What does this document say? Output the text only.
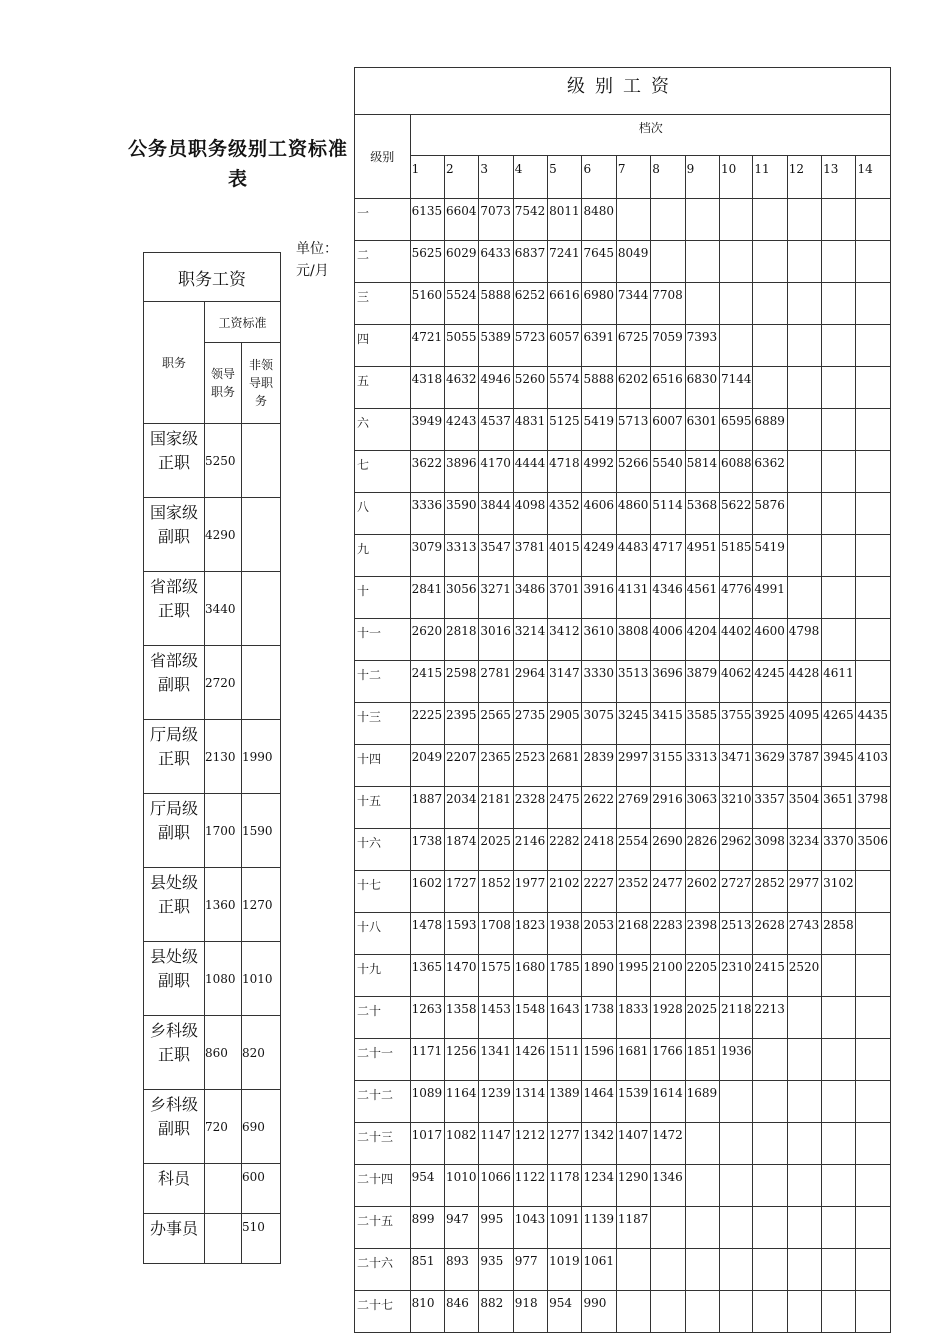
公务员职务级别工资标准表
单位：元/月
职务工资		
职务	工资标准	

	领导职务	非领导职务

国家级正职	5250	
国家级副职	4290	
省部级正职	3440	
省部级副职	2720	
厅局级正职	2130	1990
厅局级副职	1700	1590
县处级正职	1360	1270
县处级副职	1080	1010
乡科级正职	860	820
乡科级副职	720	690
科员		600
办事员		510
级别工资														
级别	档次													
	1	2	3	4	5	6	7	8	9	10	11	12	13	14
一	6135	6604	7073	7542	8011	8480								
二	5625	6029	6433	6837	7241	7645	8049							
三	5160	5524	5888	6252	6616	6980	7344	7708						
四	4721	5055	5389	5723	6057	6391	6725	7059	7393					
五	4318	4632	4946	5260	5574	5888	6202	6516	6830	7144				
六	3949	4243	4537	4831	5125	5419	5713	6007	6301	6595	6889			
七	3622	3896	4170	4444	4718	4992	5266	5540	5814	6088	6362			
八	3336	3590	3844	4098	4352	4606	4860	5114	5368	5622	5876			
九	3079	3313	3547	3781	4015	4249	4483	4717	4951	5185	5419			
十	2841	3056	3271	3486	3701	3916	4131	4346	4561	4776	4991			
十一	2620	2818	3016	3214	3412	3610	3808	4006	4204	4402	4600	4798		
十二	2415	2598	2781	2964	3147	3330	3513	3696	3879	4062	4245	4428	4611	
十三	2225	2395	2565	2735	2905	3075	3245	3415	3585	3755	3925	4095	4265	4435
十四	2049	2207	2365	2523	2681	2839	2997	3155	3313	3471	3629	3787	3945	4103
十五	1887	2034	2181	2328	2475	2622	2769	2916	3063	3210	3357	3504	3651	3798
十六	1738	1874	2025	2146	2282	2418	2554	2690	2826	2962	3098	3234	3370	3506
十七	1602	1727	1852	1977	2102	2227	2352	2477	2602	2727	2852	2977	3102	
十八	1478	1593	1708	1823	1938	2053	2168	2283	2398	2513	2628	2743	2858	
十九	1365	1470	1575	1680	1785	1890	1995	2100	2205	2310	2415	2520		
二十	1263	1358	1453	1548	1643	1738	1833	1928	2025	2118	2213			
二十一	1171	1256	1341	1426	1511	1596	1681	1766	1851	1936				
二十二	1089	1164	1239	1314	1389	1464	1539	1614	1689					
二十三	1017	1082	1147	1212	1277	1342	1407	1472						
二十四	954	1010	1066	1122	1178	1234	1290	1346						
二十五	899	947	995	1043	1091	1139	1187							
二十六	851	893	935	977	1019	1061								
二十七	810	846	882	918	954	990								
